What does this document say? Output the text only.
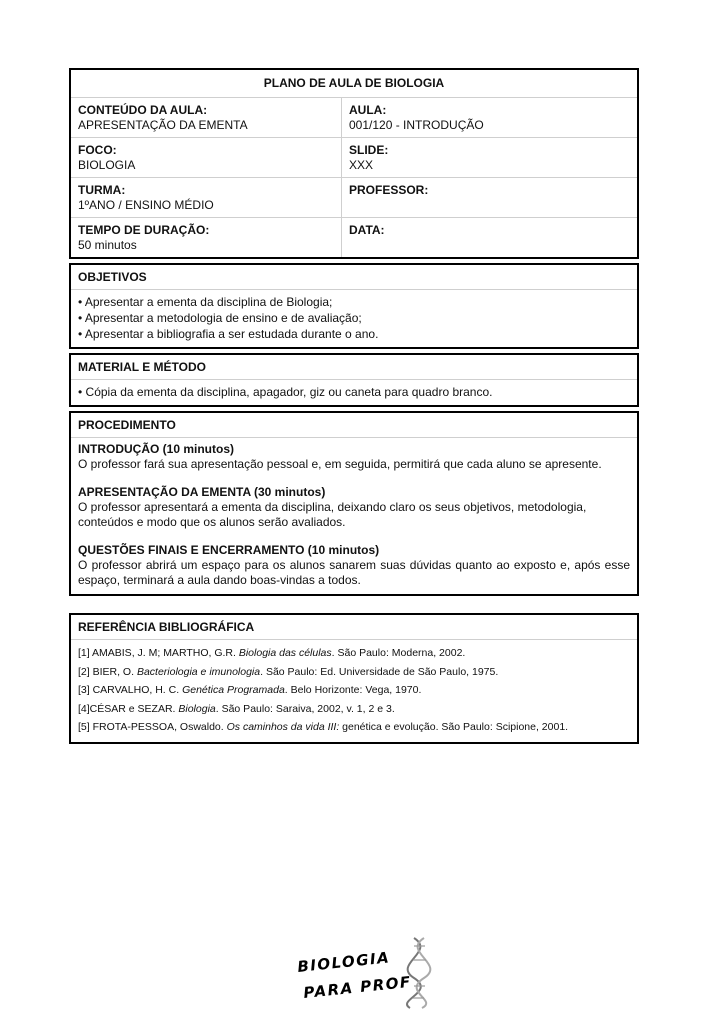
PLANO DE AULA DE BIOLOGIA
CONTEÚDO DA AULA:
APRESENTAÇÃO DA EMENTA
AULA:
001/120 - INTRODUÇÃO
FOCO:
BIOLOGIA
SLIDE:
XXX
TURMA:
1ºANO / ENSINO MÉDIO
PROFESSOR:
TEMPO DE DURAÇÃO:
50 minutos
DATA:
OBJETIVOS
• Apresentar a ementa da disciplina de Biologia;
• Apresentar a metodologia de ensino e de avaliação;
• Apresentar a bibliografia a ser estudada durante o ano.
MATERIAL E MÉTODO
• Cópia da ementa da disciplina, apagador, giz ou caneta para quadro branco.
PROCEDIMENTO

INTRODUÇÃO (10 minutos)

O professor fará sua apresentação pessoal e, em seguida, permitirá que cada aluno se apresente.

APRESENTAÇÃO DA EMENTA (30 minutos)

O professor apresentará a ementa da disciplina, deixando claro os seus objetivos, metodologia, conteúdos e modo que os alunos serão avaliados.

QUESTÕES FINAIS E ENCERRAMENTO (10 minutos)

O professor abrirá um espaço para os alunos sanarem suas dúvidas quanto ao exposto e, após esse espaço, terminará a aula dando boas-vindas a todos.

REFERÊNCIA BIBLIOGRÁFICA
[1] AMABIS, J. M; MARTHO, G.R. Biologia das células. São Paulo: Moderna, 2002.
[2] BIER, O. Bacteriologia e imunologia. São Paulo: Ed. Universidade de São Paulo, 1975.
[3] CARVALHO, H. C. Genética Programada. Belo Horizonte: Vega, 1970.
[4]CÉSAR e SEZAR. Biologia. São Paulo: Saraiva, 2002, v. 1, 2 e 3.
[5] FROTA-PESSOA, Oswaldo. Os caminhos da vida III: genética e evolução. São Paulo: Scipione, 2001.
BIOLOGIA
PARA PROF
